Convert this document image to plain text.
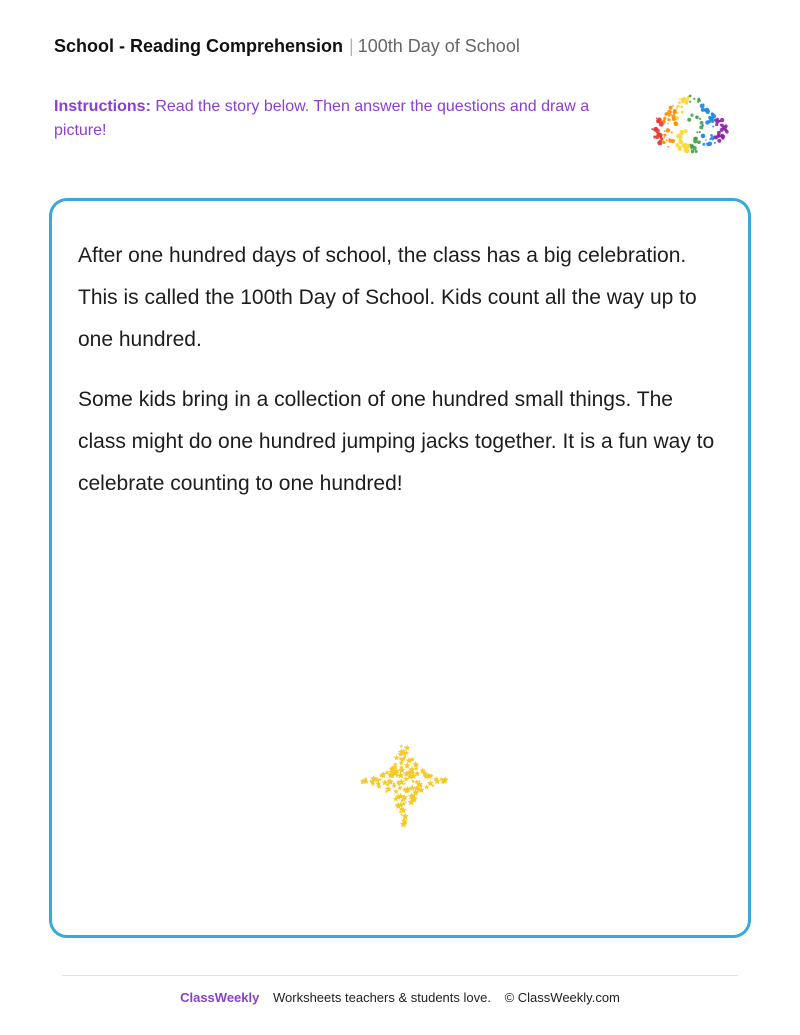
School - Reading Comprehension | 100th Day of School
Instructions: Read the story below. Then answer the questions and draw a picture!

After one hundred days of school, the class has a big celebration. This is called the 100th Day of School. Kids count all the way up to one hundred.

Some kids bring in a collection of one hundred small things. The class might do one hundred jumping jacks together. It is a fun way to celebrate counting to one hundred!

ClassWeekly Worksheets teachers & students love. © ClassWeekly.com
